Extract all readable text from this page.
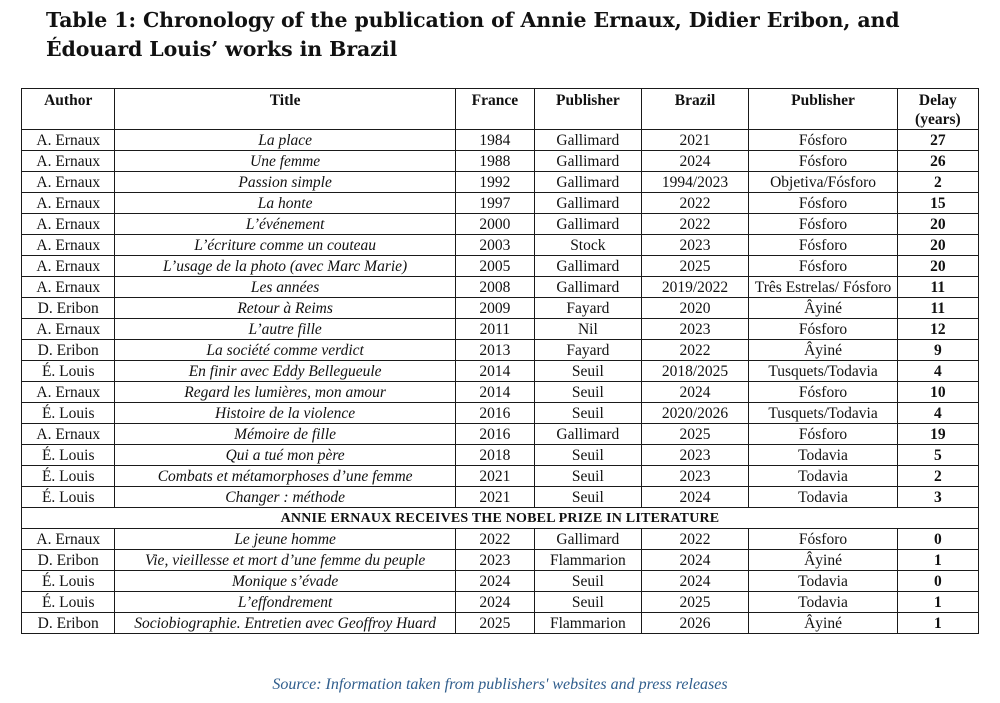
Table 1: Chronology of the publication of Annie Ernaux, Didier Eribon, and Édouard Louis’ works in Brazil
Author	Title	France	Publisher	Brazil	Publisher	Delay (years)
A. Ernaux	La place	1984	Gallimard	2021	Fósforo	27
A. Ernaux	Une femme	1988	Gallimard	2024	Fósforo	26
A. Ernaux	Passion simple	1992	Gallimard	1994/2023	Objetiva/Fósforo	2
A. Ernaux	La honte	1997	Gallimard	2022	Fósforo	15
A. Ernaux	L’événement	2000	Gallimard	2022	Fósforo	20
A. Ernaux	L’écriture comme un couteau	2003	Stock	2023	Fósforo	20
A. Ernaux	L’usage de la photo (avec Marc Marie)	2005	Gallimard	2025	Fósforo	20
A. Ernaux	Les années	2008	Gallimard	2019/2022	Três Estrelas/ Fósforo	11
D. Eribon	Retour à Reims	2009	Fayard	2020	Âyiné	11
A. Ernaux	L’autre fille	2011	Nil	2023	Fósforo	12
D. Eribon	La société comme verdict	2013	Fayard	2022	Âyiné	9
É. Louis	En finir avec Eddy Bellegueule	2014	Seuil	2018/2025	Tusquets/Todavia	4
A. Ernaux	Regard les lumières, mon amour	2014	Seuil	2024	Fósforo	10
É. Louis	Histoire de la violence	2016	Seuil	2020/2026	Tusquets/Todavia	4
A. Ernaux	Mémoire de fille	2016	Gallimard	2025	Fósforo	19
É. Louis	Qui a tué mon père	2018	Seuil	2023	Todavia	5
É. Louis	Combats et métamorphoses d’une femme	2021	Seuil	2023	Todavia	2
É. Louis	Changer : méthode	2021	Seuil	2024	Todavia	3
ANNIE ERNAUX RECEIVES THE NOBEL PRIZE IN LITERATURE						
A. Ernaux	Le jeune homme	2022	Gallimard	2022	Fósforo	0
D. Eribon	Vie, vieillesse et mort d’une femme du peuple	2023	Flammarion	2024	Âyiné	1
É. Louis	Monique s’évade	2024	Seuil	2024	Todavia	0
É. Louis	L’effondrement	2024	Seuil	2025	Todavia	1
D. Eribon	Sociobiographie. Entretien avec Geoffroy Huard	2025	Flammarion	2026	Âyiné	1
Source: Information taken from publishers' websites and press releases
